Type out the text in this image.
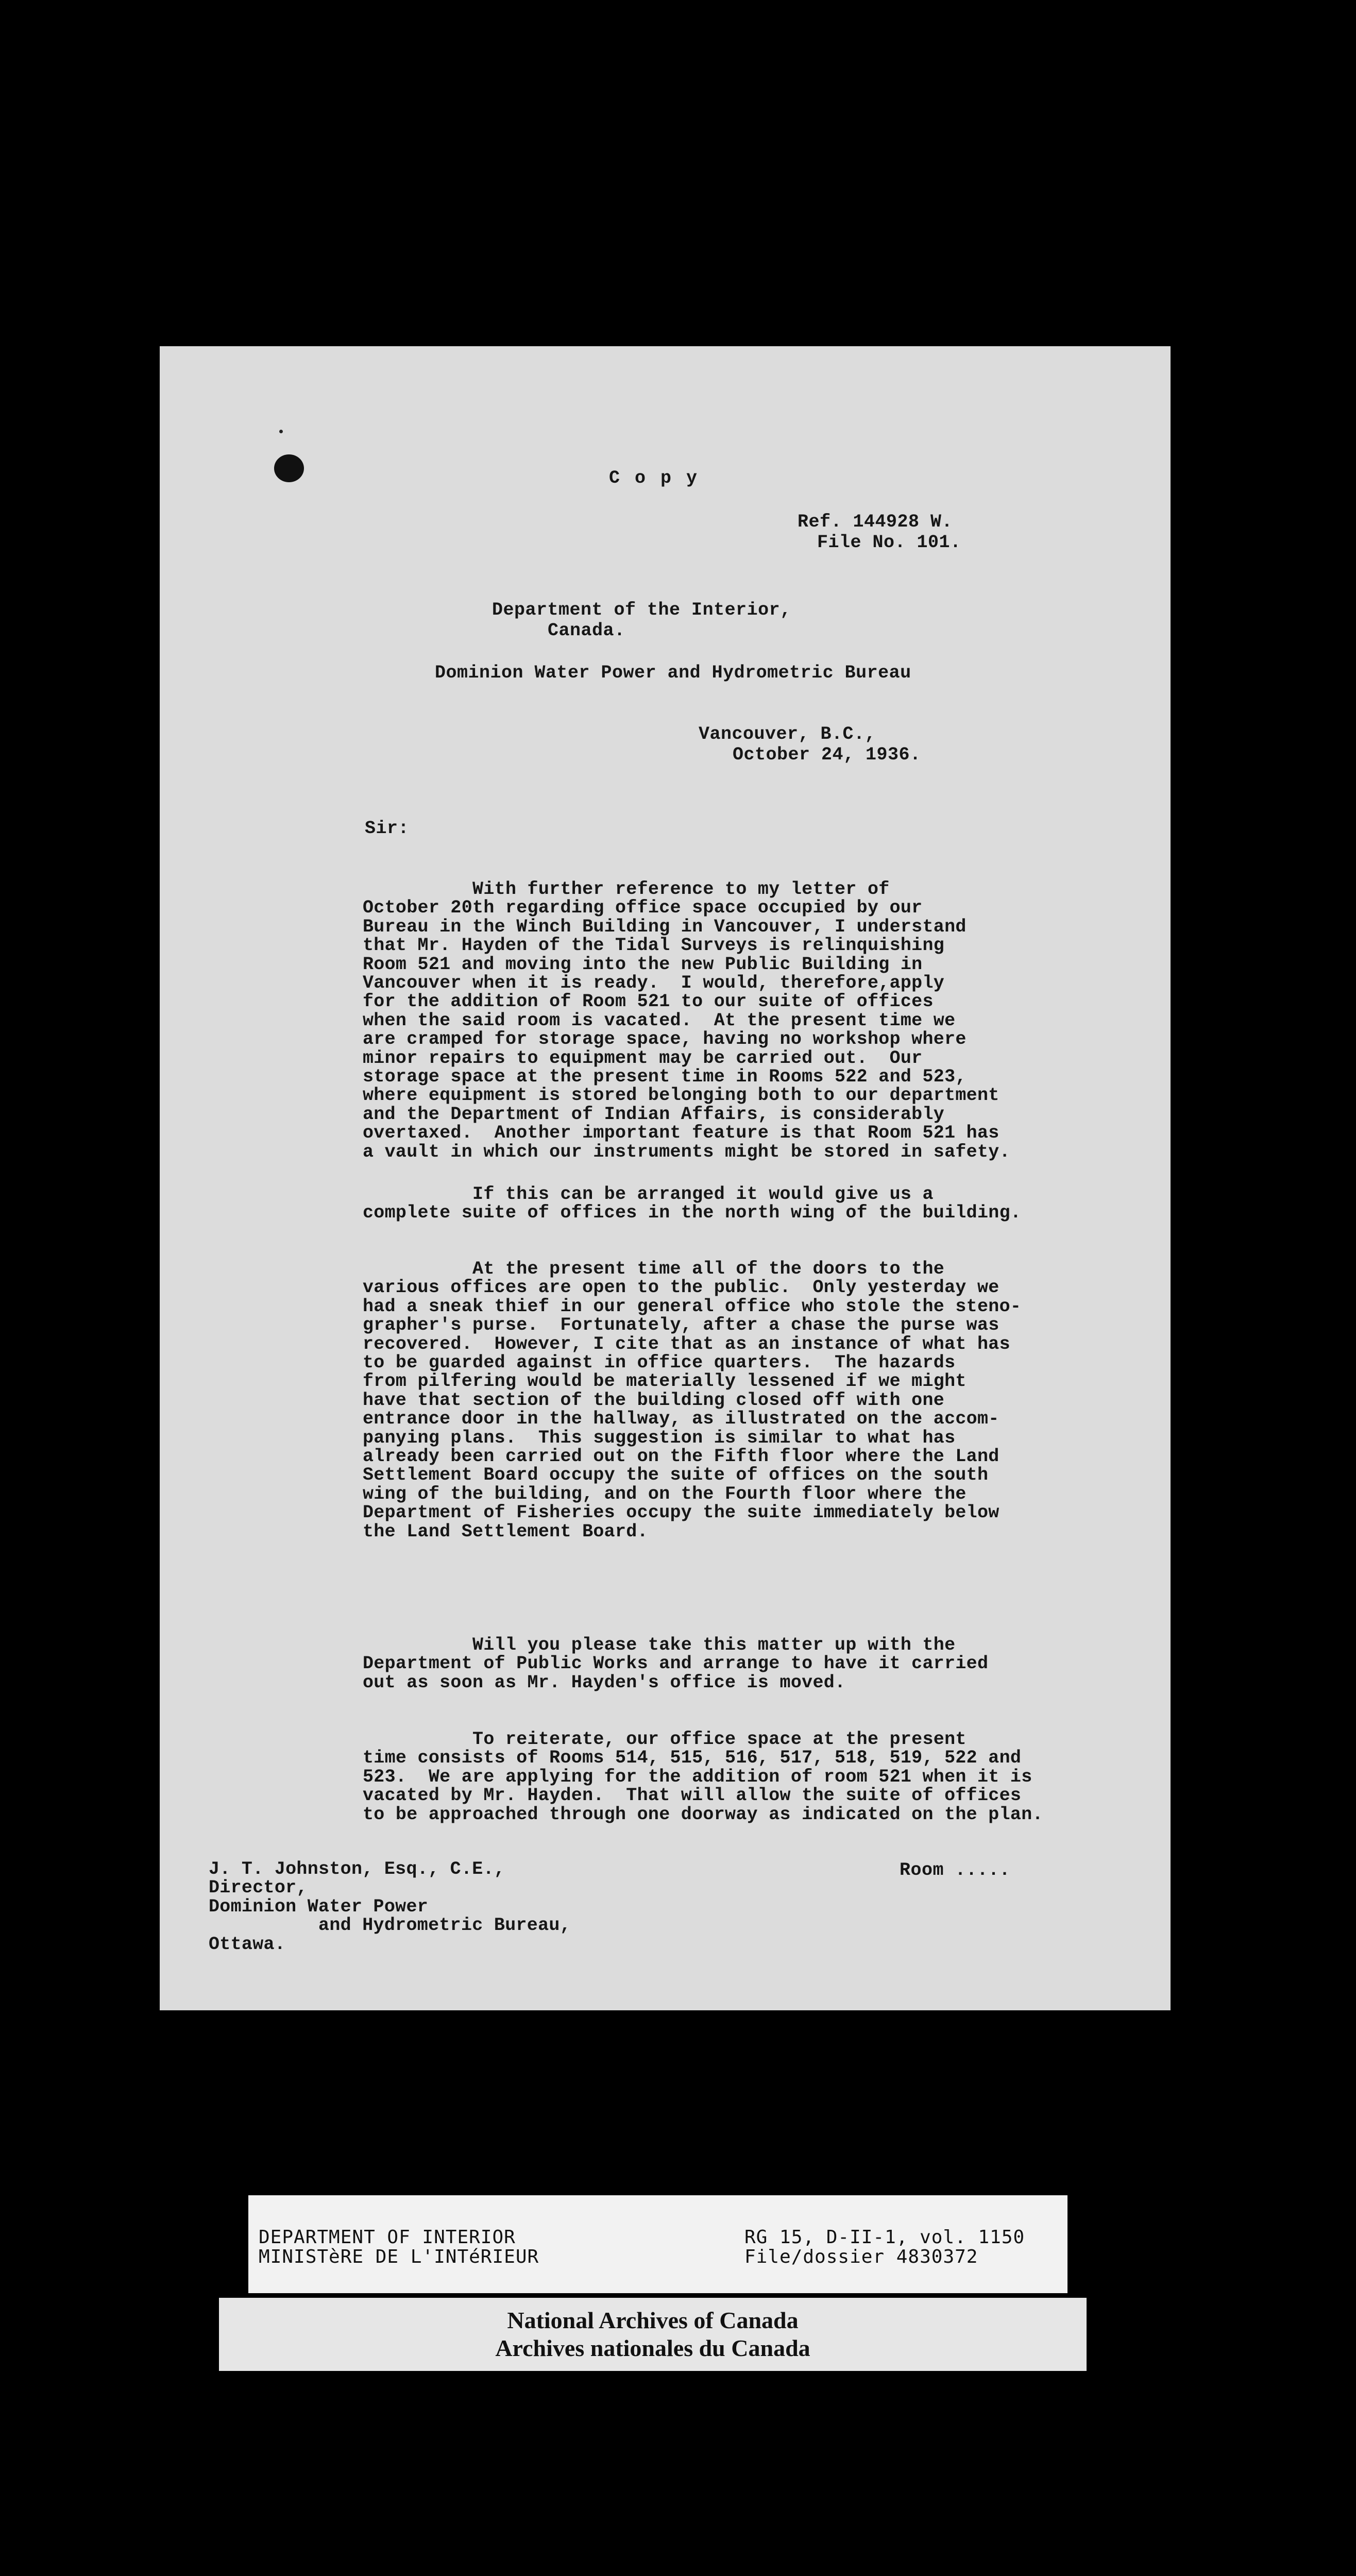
C o p y
Ref. 144928 W.
File No. 101.
Department of the Interior,
Canada.
Dominion Water Power and Hydrometric Bureau
Vancouver, B.C.,
October 24, 1936.
Sir:
With further reference to my letter of
October 20th regarding office space occupied by our
Bureau in the Winch Building in Vancouver, I understand
that Mr. Hayden of the Tidal Surveys is relinquishing
Room 521 and moving into the new Public Building in
Vancouver when it is ready.  I would, therefore,apply
for the addition of Room 521 to our suite of offices
when the said room is vacated.  At the present time we
are cramped for storage space, having no workshop where
minor repairs to equipment may be carried out.  Our
storage space at the present time in Rooms 522 and 523,
where equipment is stored belonging both to our department
and the Department of Indian Affairs, is considerably
overtaxed.  Another important feature is that Room 521 has
a vault in which our instruments might be stored in safety.
If this can be arranged it would give us a
complete suite of offices in the north wing of the building.
At the present time all of the doors to the
various offices are open to the public.  Only yesterday we
had a sneak thief in our general office who stole the steno-
grapher's purse.  Fortunately, after a chase the purse was
recovered.  However, I cite that as an instance of what has
to be guarded against in office quarters.  The hazards
from pilfering would be materially lessened if we might
have that section of the building closed off with one
entrance door in the hallway, as illustrated on the accom-
panying plans.  This suggestion is similar to what has
already been carried out on the Fifth floor where the Land
Settlement Board occupy the suite of offices on the south
wing of the building, and on the Fourth floor where the
Department of Fisheries occupy the suite immediately below
the Land Settlement Board.
Will you please take this matter up with the
Department of Public Works and arrange to have it carried
out as soon as Mr. Hayden's office is moved.
To reiterate, our office space at the present
time consists of Rooms 514, 515, 516, 517, 518, 519, 522 and
523.  We are applying for the addition of room 521 when it is
vacated by Mr. Hayden.  That will allow the suite of offices
to be approached through one doorway as indicated on the plan.
J. T. Johnston, Esq., C.E.,
Director,
Dominion Water Power
and Hydrometric Bureau,
Ottawa.
Room .....
DEPARTMENT OF INTERIOR
MINISTèRE DE L'INTéRIEUR
RG 15, D-II-1, vol. 1150
File/dossier 4830372
National Archives of Canada
Archives nationales du Canada
